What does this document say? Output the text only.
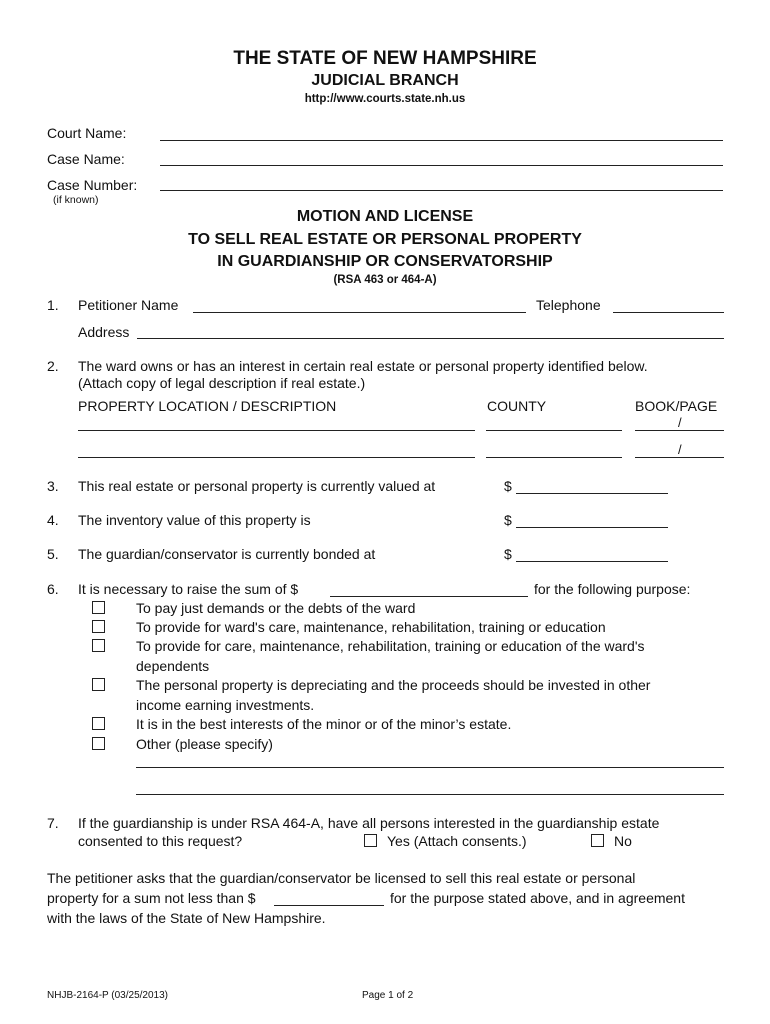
THE STATE OF NEW HAMPSHIRE
JUDICIAL BRANCH
http://www.courts.state.nh.us
Court Name:
Case Name:
Case Number:
(if known)
MOTION AND LICENSE
TO SELL REAL ESTATE OR PERSONAL PROPERTY
IN GUARDIANSHIP OR CONSERVATORSHIP
(RSA 463 or 464-A)
1. Petitioner Name	Telephone
Address
2. The ward owns or has an interest in certain real estate or personal property identified below.
(Attach copy of legal description if real estate.)
PROPERTY LOCATION / DESCRIPTION	COUNTY	BOOK/PAGE
/
/
3. This real estate or personal property is currently valued at	$
4. The inventory value of this property is	$
5. The guardian/conservator is currently bonded at	$
6. It is necessary to raise the sum of $	for the following purpose:
To pay just demands or the debts of the ward
To provide for ward's care, maintenance, rehabilitation, training or education
To provide for care, maintenance, rehabilitation, training or education of the ward's
dependents
The personal property is depreciating and the proceeds should be invested in other
income earning investments.
It is in the best interests of the minor or of the minor’s estate.
Other (please specify)
7. If the guardianship is under RSA 464-A, have all persons interested in the guardianship estate
consented to this request?	Yes (Attach consents.)	No
The petitioner asks that the guardian/conservator be licensed to sell this real estate or personal
property for a sum not less than $	for the purpose stated above, and in agreement
with the laws of the State of New Hampshire.
NHJB-2164-P (03/25/2013)	Page 1 of 2
